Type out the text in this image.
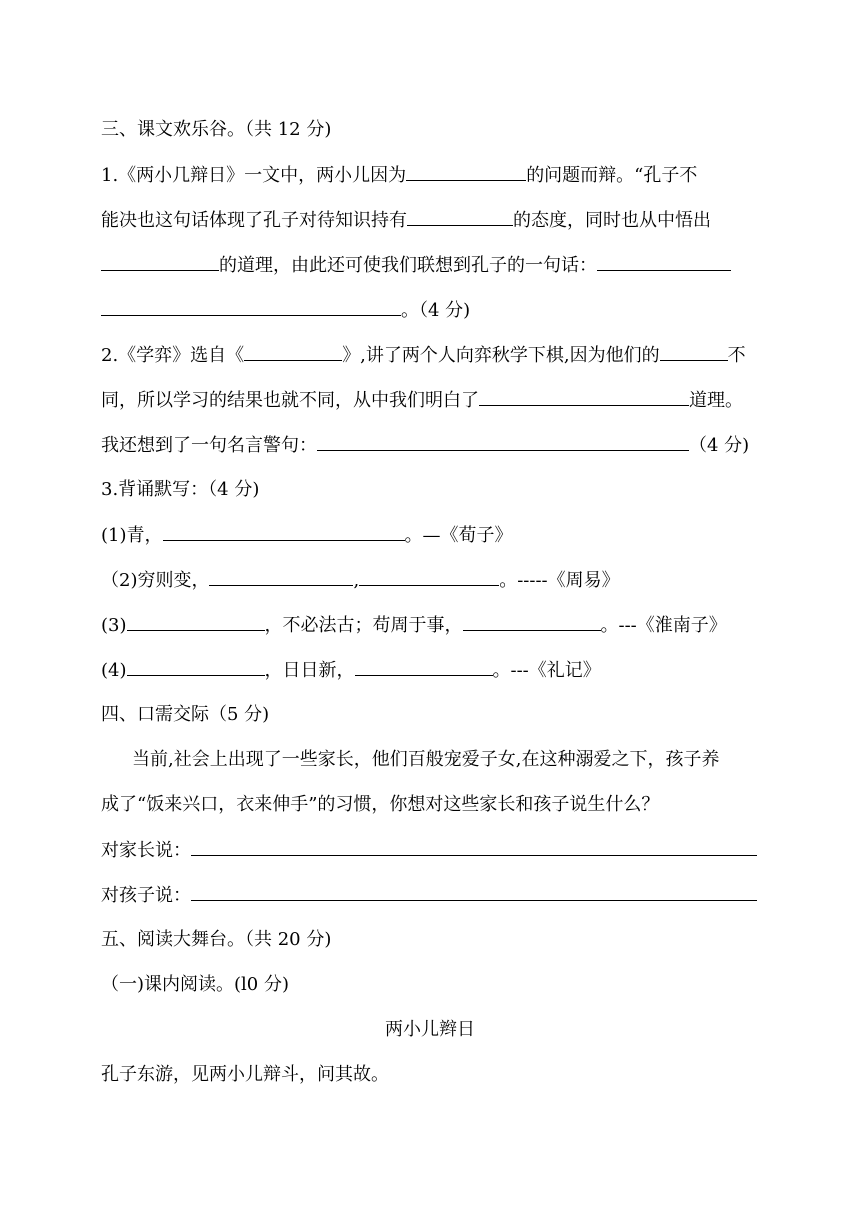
三、课文欢乐谷。（共 12 分)
1.《两小几辩日》一文中，两小儿因为	的问题而辩。“孔子不
能决也这句话体现了孔子对待知识持有	的态度，同时也从中悟出
的道理，由此还可使我们联想到孔子的一句话：
。（4 分)
2.《学弈》选自《	》,讲了两个人向弈秋学下棋,因为他们的	不
同，所以学习的结果也就不同，从中我们明白了	道理。
我还想到了一句名言警句：	（4 分)
3.背诵默写：（4 分)
(1)青，	。—《荀子》
（2)穷则变，	,	。-----《周易》
(3)	，不必法古；苟周于事，	。---《淮南子》
(4)	，日日新，	。---《礼记》
四、口需交际（5 分)
当前,社会上出现了一些家长，他们百般宠爱子女,在这种溺爱之下，孩子养
成了“饭来兴口，衣来伸手”的习惯，你想对这些家长和孩子说生什么？
对家长说：
对孩子说：
五、阅读大舞台。（共 20 分)
（一)课内阅读。(l0 分)
两小儿辫日
孔子东游，见两小儿辩斗，问其故。
